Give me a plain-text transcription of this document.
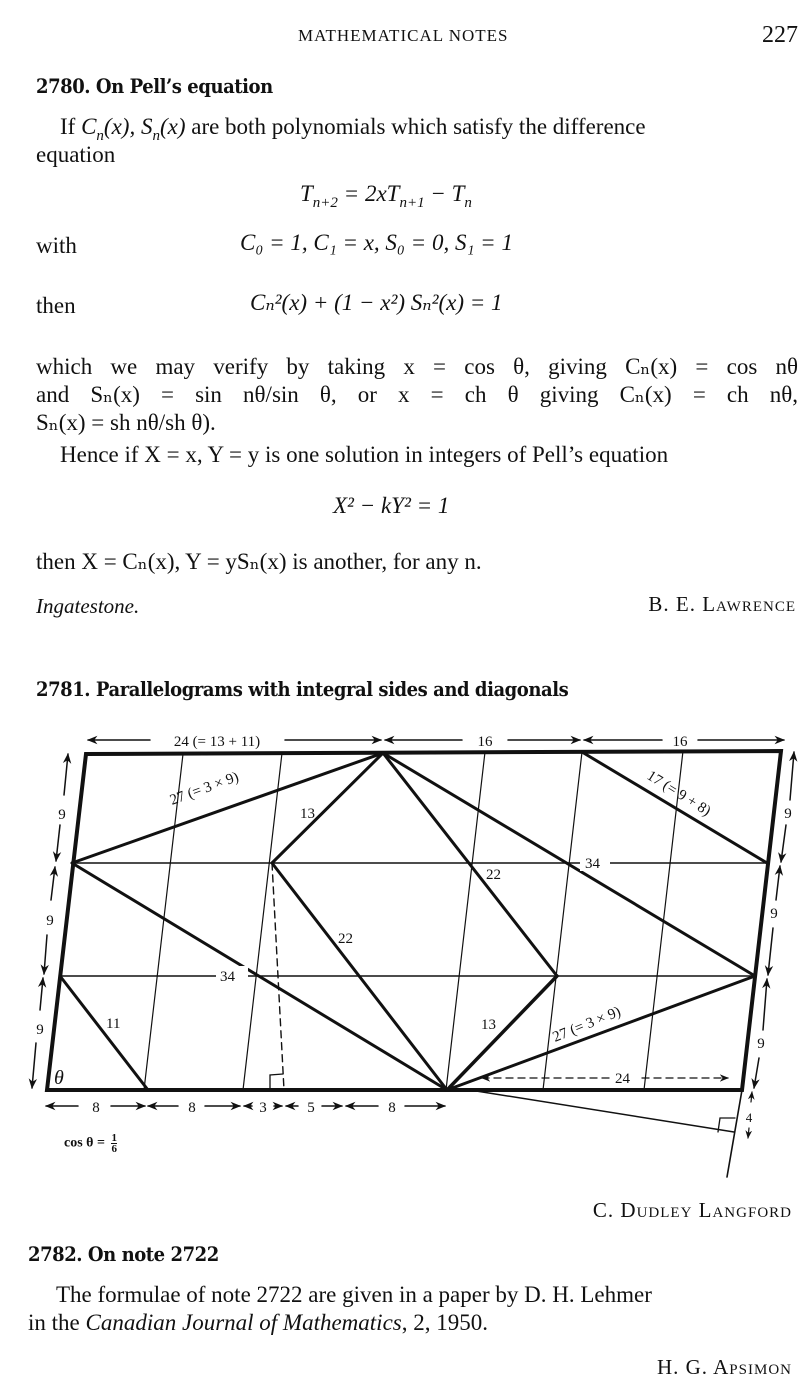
MATHEMATICAL NOTES	227
2780. On Pell’s equation
If $C_n(x)$, $S_n(x)$ are both polynomials which satisfy the difference
equation
$T_{n+2} = 2xT_{n+1} - T_n$
with	C₀ = 1, C₁ = x, S₀ = 0, S₁ = 1
then	Cₙ²(x) + (1 − x²) Sₙ²(x) = 1
which we may verify by taking x = cos θ, giving Cₙ(x) = cos nθ
and Sₙ(x) = sin nθ/sin θ, or x = ch θ giving Cₙ(x) = ch nθ,
Sₙ(x) = sh nθ/sh θ).
Hence if X = x, Y = y is one solution in integers of Pell’s equation
X² − kY² = 1
then X = Cₙ(x), Y = ySₙ(x) is another, for any n.
Ingatestone.	B. E. Lawrence
2781. Parallelograms with integral sides and diagonals
24 (= 13 + 11)	16	16
8	8	3	5	8
9
9
9
9
9
9
4
27 (= 3 × 9)
27 (= 3 × 9)
17 (= 9 + 8)
13
13
22
22
11
34
34
24
θ
$\cos \theta = \frac{1}{6}$
C. Dudley Langford
2782. On note 2722
The formulae of note 2722 are given in a paper by D. H. Lehmer
in the Canadian Journal of Mathematics, 2, 1950.
H. G. Apsimon
